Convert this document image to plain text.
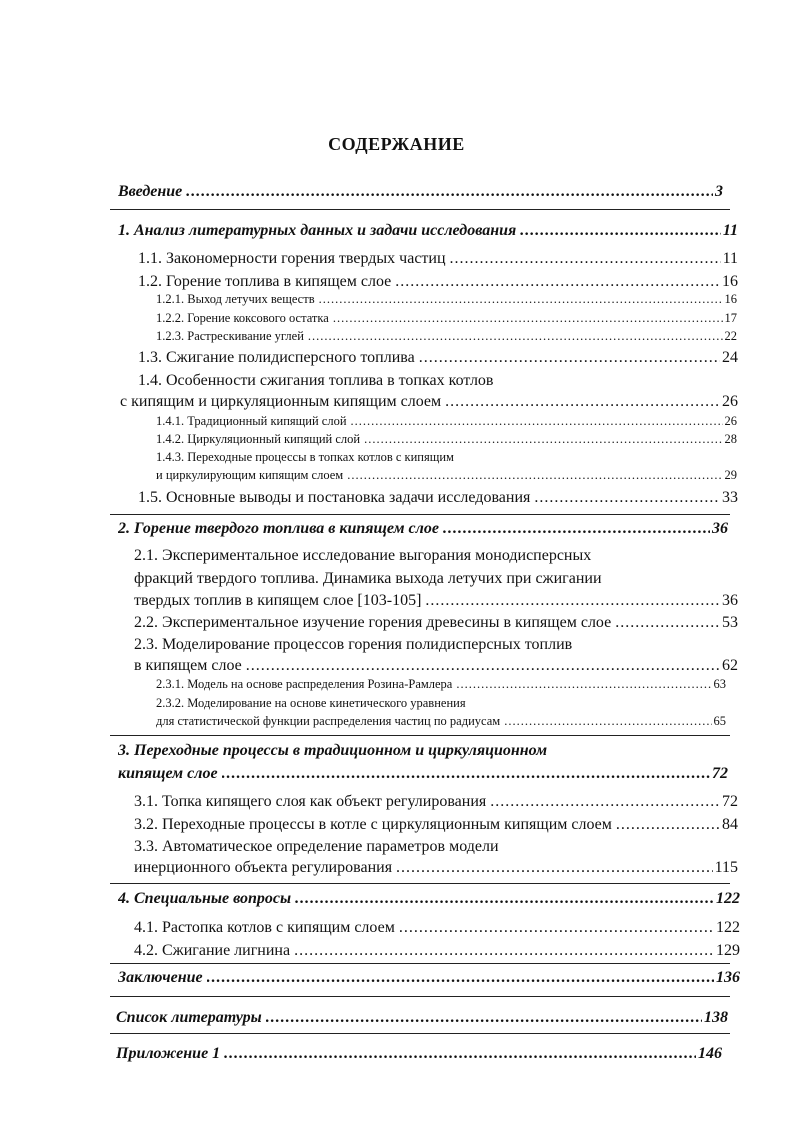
СОДЕРЖАНИЕ
Введение .....	3
1. Анализ литературных данных и задачи исследования .....	11
1.1. Закономерности горения твердых частиц .....	11
1.2. Горение топлива в кипящем слое .....	16
1.2.1. Выход летучих веществ .....	16
1.2.2. Горение коксового остатка .....	17
1.2.3. Растрескивание углей .....	22
1.3. Сжигание полидисперсного топлива .....	24
1.4. Особенности сжигания топлива в топках котлов
с кипящим и циркуляционным кипящим слоем .....	26
1.4.1. Традиционный кипящий слой .....	26
1.4.2. Циркуляционный кипящий слой .....	28
1.4.3. Переходные процессы в топках котлов с кипящим
и циркулирующим кипящим слоем .....	29
1.5. Основные выводы и постановка задачи исследования .....	33
2. Горение твердого топлива в кипящем слое .....	36
2.1. Экспериментальное исследование выгорания монодисперсных
фракций твердого топлива. Динамика выхода летучих при сжигании
твердых топлив в кипящем слое [103-105] .....	36
2.2. Экспериментальное изучение горения древесины в кипящем слое .....	53
2.3. Моделирование процессов горения полидисперсных топлив
в кипящем слое .....	62
2.3.1. Модель на основе распределения Розина-Рамлера .....	63
2.3.2. Моделирование на основе кинетического уравнения
для статистической функции распределения частиц по радиусам .....	65
3. Переходные процессы в традиционном и циркуляционном
кипящем слое .....	72
3.1. Топка кипящего слоя как объект регулирования .....	72
3.2. Переходные процессы в котле с циркуляционным кипящим слоем .....	84
3.3. Автоматическое определение параметров модели
инерционного объекта регулирования .....	115
4. Специальные вопросы .....	122
4.1. Растопка котлов с кипящим слоем .....	122
4.2. Сжигание лигнина .....	129
Заключение .....	136
Список литературы .....	138
Приложение 1 .....	146
